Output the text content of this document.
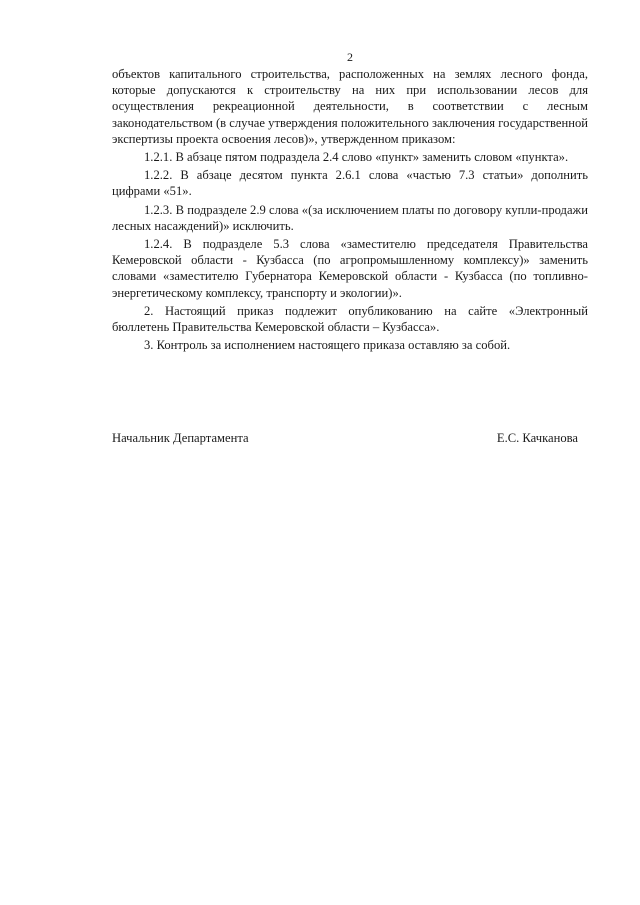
2

объектов капитального строительства, расположенных на землях лесного фонда, которые допускаются к строительству на них при использовании лесов для осуществления рекреационной деятельности, в соответствии с лесным законодательством (в случае утверждения положительного заключения государственной экспертизы проекта освоения лесов)», утвержденном приказом:

1.2.1. В абзаце пятом подраздела 2.4 слово «пункт» заменить словом «пункта».

1.2.2. В абзаце десятом пункта 2.6.1 слова «частью 7.3 статьи» дополнить цифрами «51».

1.2.3. В подразделе 2.9 слова «(за исключением платы по договору купли-продажи лесных насаждений)» исключить.

1.2.4. В подразделе 5.3 слова «заместителю председателя Правительства Кемеровской области - Кузбасса (по агропромышленному комплексу)» заменить словами «заместителю Губернатора Кемеровской области - Кузбасса (по топливно-энергетическому комплексу, транспорту и экологии)».

2. Настоящий приказ подлежит опубликованию на сайте «Электронный бюллетень Правительства Кемеровской области – Кузбасса».

3. Контроль за исполнением настоящего приказа оставляю за собой.

Начальник Департамента	Е.С. Качканова
